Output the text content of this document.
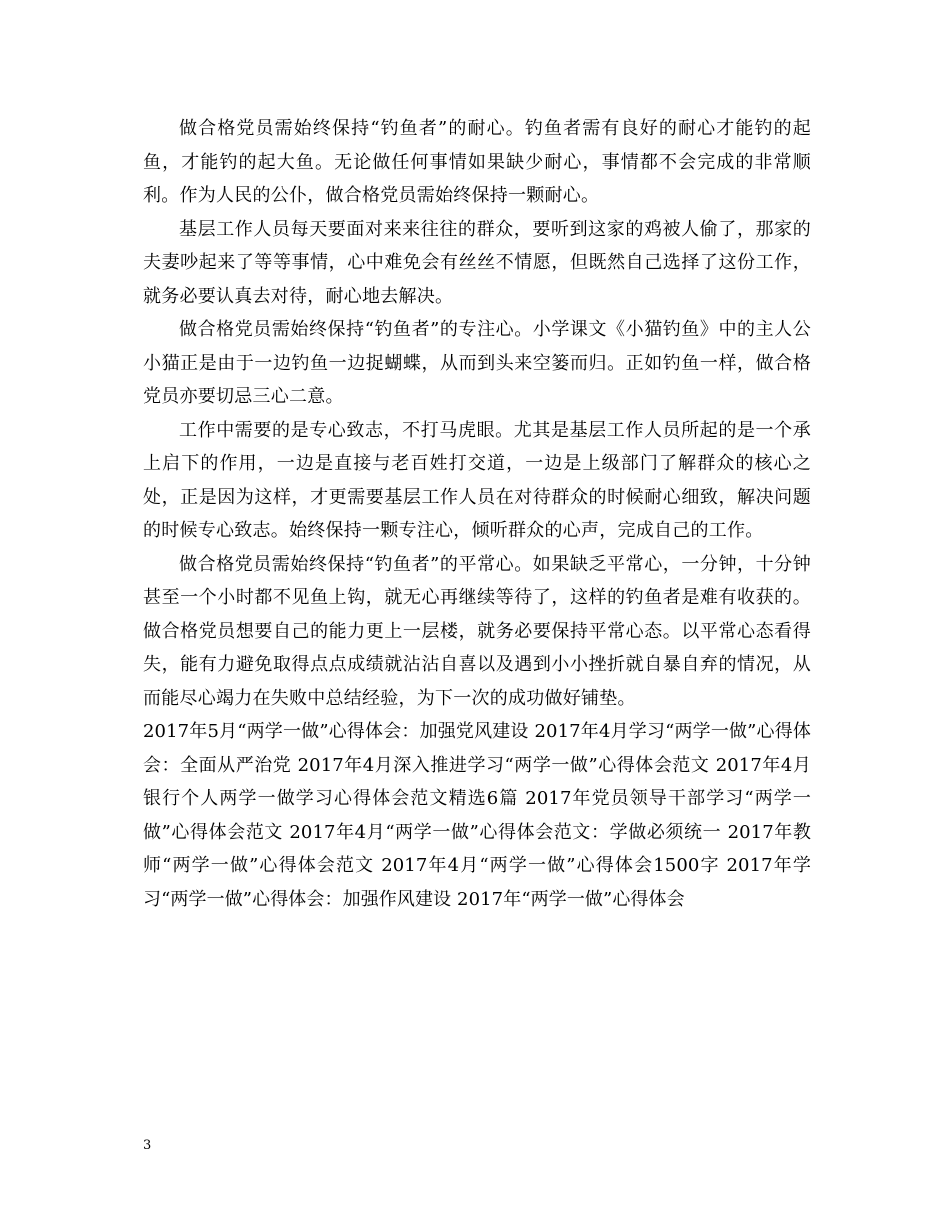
做合格党员需始终保持“钓鱼者”的耐心。钓鱼者需有良好的耐心才能钓的起鱼，才能钓的起大鱼。无论做任何事情如果缺少耐心，事情都不会完成的非常顺利。作为人民的公仆，做合格党员需始终保持一颗耐心。

基层工作人员每天要面对来来往往的群众，要听到这家的鸡被人偷了，那家的夫妻吵起来了等等事情，心中难免会有丝丝不情愿，但既然自己选择了这份工作，就务必要认真去对待，耐心地去解决。

做合格党员需始终保持“钓鱼者”的专注心。小学课文《小猫钓鱼》中的主人公小猫正是由于一边钓鱼一边捉蝴蝶，从而到头来空篓而归。正如钓鱼一样，做合格党员亦要切忌三心二意。

工作中需要的是专心致志，不打马虎眼。尤其是基层工作人员所起的是一个承上启下的作用，一边是直接与老百姓打交道，一边是上级部门了解群众的核心之处，正是因为这样，才更需要基层工作人员在对待群众的时候耐心细致，解决问题的时候专心致志。始终保持一颗专注心，倾听群众的心声，完成自己的工作。

做合格党员需始终保持“钓鱼者”的平常心。如果缺乏平常心，一分钟，十分钟甚至一个小时都不见鱼上钩，就无心再继续等待了，这样的钓鱼者是难有收获的。做合格党员想要自己的能力更上一层楼，就务必要保持平常心态。以平常心态看得失，能有力避免取得点点成绩就沾沾自喜以及遇到小小挫折就自暴自弃的情况，从而能尽心竭力在失败中总结经验，为下一次的成功做好铺垫。

2017年5月“两学一做”心得体会：加强党风建设 2017年4月学习“两学一做”心得体会：全面从严治党 2017年4月深入推进学习“两学一做”心得体会范文 2017年4月银行个人两学一做学习心得体会范文精选6篇 2017年党员领导干部学习“两学一做”心得体会范文 2017年4月“两学一做”心得体会范文：学做必须统一 2017年教师“两学一做”心得体会范文 2017年4月“两学一做”心得体会1500字 2017年学习“两学一做”心得体会：加强作风建设 2017年“两学一做”心得体会

3
